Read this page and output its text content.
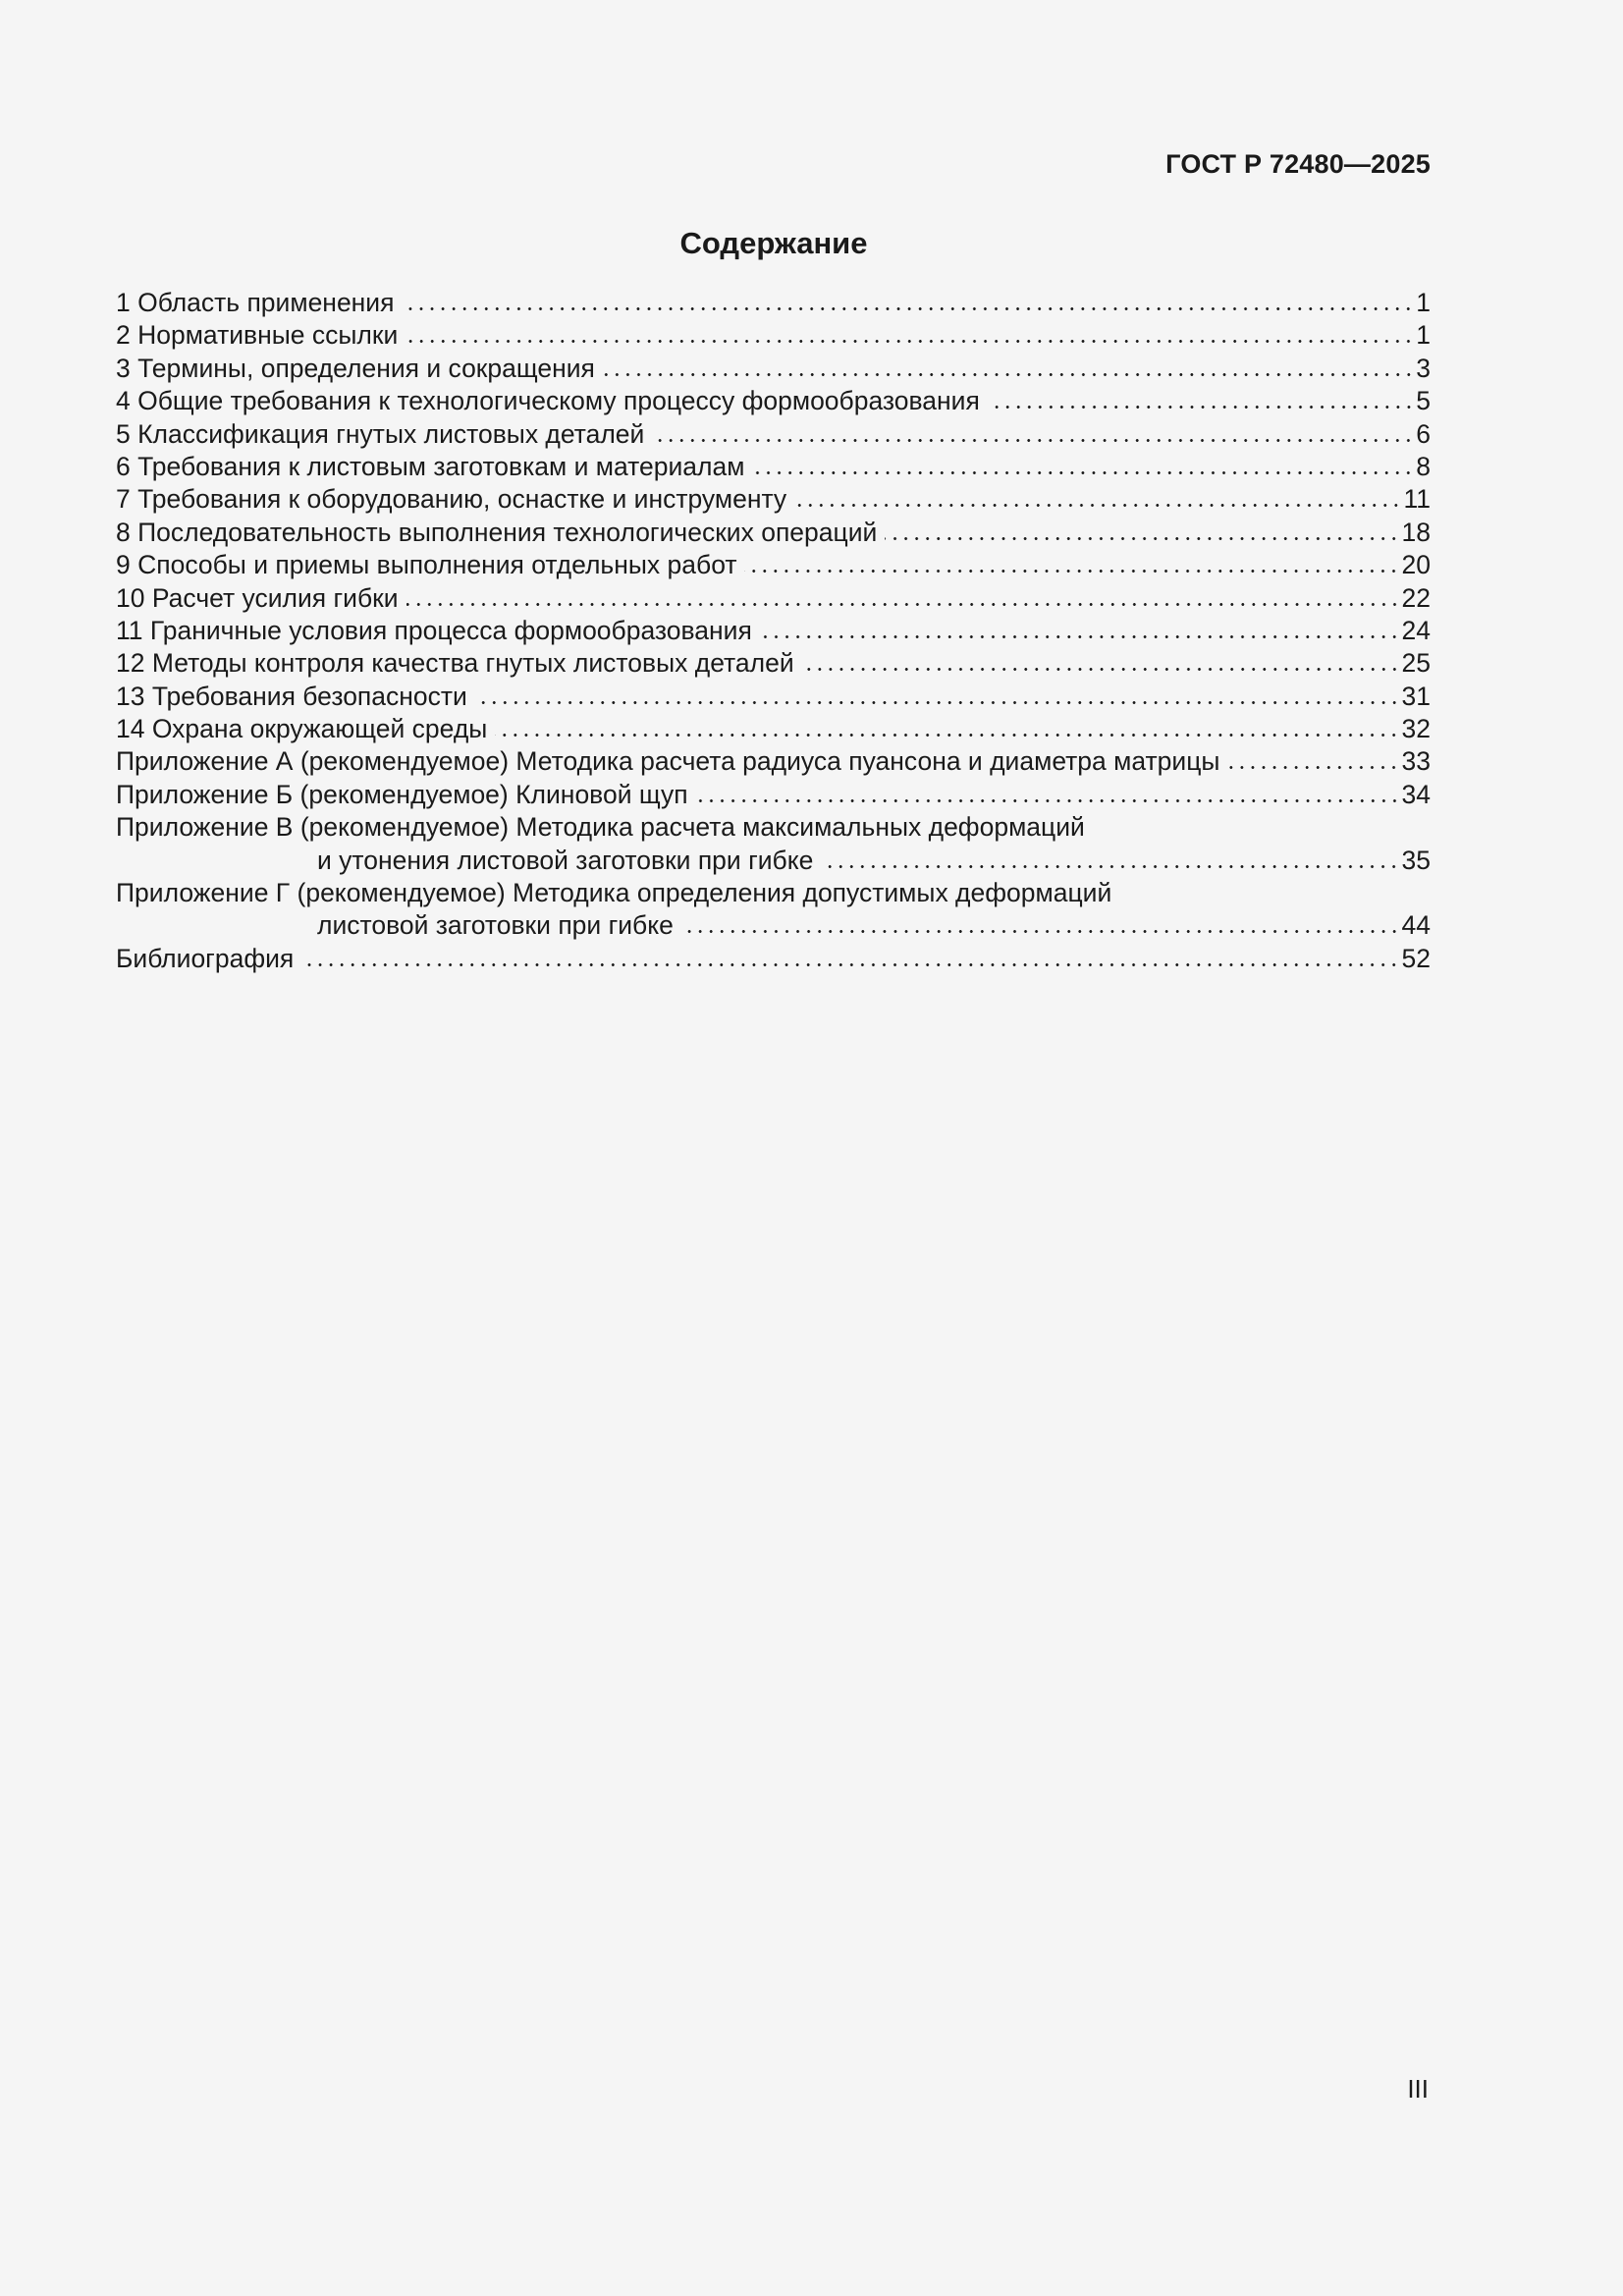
ГОСТ Р 72480—2025
Содержание
1 Область применения	1
2 Нормативные ссылки	1
3 Термины, определения и сокращения	3
4 Общие требования к технологическому процессу формообразования	5
5 Классификация гнутых листовых деталей	6
6 Требования к листовым заготовкам и материалам	8
7 Требования к оборудованию, оснастке и инструменту	11
8 Последовательность выполнения технологических операций	18
9 Способы и приемы выполнения отдельных работ	20
10 Расчет усилия гибки	22
11 Граничные условия процесса формообразования	24
12 Методы контроля качества гнутых листовых деталей	25
13 Требования безопасности	31
14 Охрана окружающей среды	32
Приложение А (рекомендуемое) Методика расчета радиуса пуансона и диаметра матрицы	33
Приложение Б (рекомендуемое) Клиновой щуп	34
Приложение В (рекомендуемое) Методика расчета максимальных деформаций
и утонения листовой заготовки при гибке	35
Приложение Г (рекомендуемое) Методика определения допустимых деформаций
листовой заготовки при гибке	44
Библиография	52
III
